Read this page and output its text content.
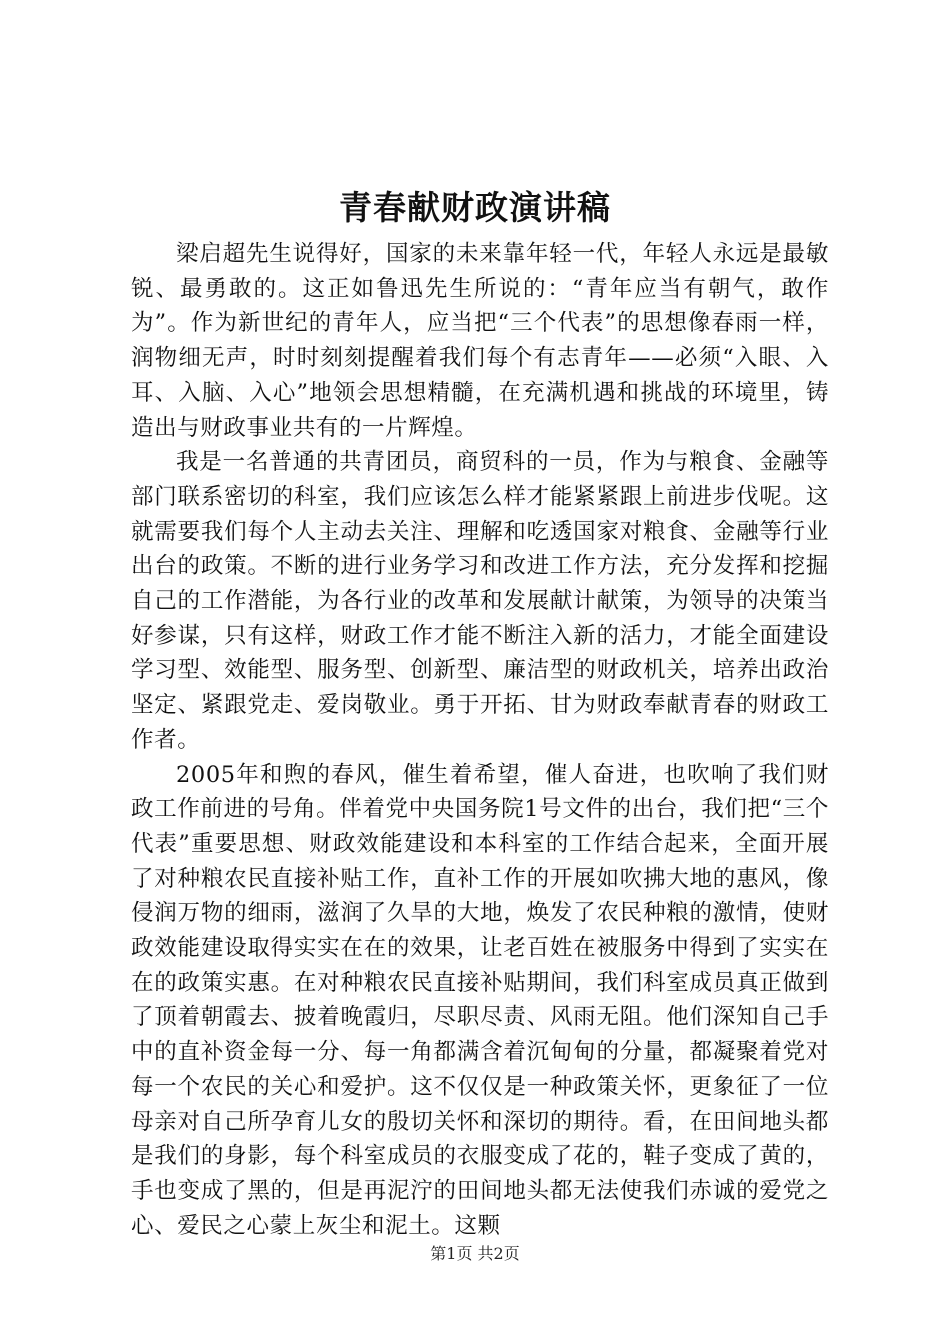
青春献财政演讲稿

梁启超先生说得好，国家的未来靠年轻一代，年轻人永远是最敏锐、最勇敢的。这正如鲁迅先生所说的：“青年应当有朝气，敢作为”。作为新世纪的青年人，应当把“三个代表”的思想像春雨一样，润物细无声，时时刻刻提醒着我们每个有志青年——必须“入眼、入耳、入脑、入心”地领会思想精髓，在充满机遇和挑战的环境里，铸造出与财政事业共有的一片辉煌。

我是一名普通的共青团员，商贸科的一员，作为与粮食、金融等部门联系密切的科室，我们应该怎么样才能紧紧跟上前进步伐呢。这就需要我们每个人主动去关注、理解和吃透国家对粮食、金融等行业出台的政策。不断的进行业务学习和改进工作方法，充分发挥和挖掘自己的工作潜能，为各行业的改革和发展献计献策，为领导的决策当好参谋，只有这样，财政工作才能不断注入新的活力，才能全面建设学习型、效能型、服务型、创新型、廉洁型的财政机关，培养出政治坚定、紧跟党走、爱岗敬业。勇于开拓、甘为财政奉献青春的财政工作者。

2005年和煦的春风，催生着希望，催人奋进，也吹响了我们财政工作前进的号角。伴着党中央国务院1号文件的出台，我们把“三个代表”重要思想、财政效能建设和本科室的工作结合起来，全面开展了对种粮农民直接补贴工作，直补工作的开展如吹拂大地的惠风，像侵润万物的细雨，滋润了久旱的大地，焕发了农民种粮的激情，使财政效能建设取得实实在在的效果，让老百姓在被服务中得到了实实在在的政策实惠。在对种粮农民直接补贴期间，我们科室成员真正做到了顶着朝霞去、披着晚霞归，尽职尽责、风雨无阻。他们深知自己手中的直补资金每一分、每一角都满含着沉甸甸的分量，都凝聚着党对每一个农民的关心和爱护。这不仅仅是一种政策关怀，更象征了一位母亲对自己所孕育儿女的殷切关怀和深切的期待。看，在田间地头都是我们的身影，每个科室成员的衣服变成了花的，鞋子变成了黄的，手也变成了黑的，但是再泥泞的田间地头都无法使我们赤诚的爱党之心、爱民之心蒙上灰尘和泥土。这颗

第1页 共2页
